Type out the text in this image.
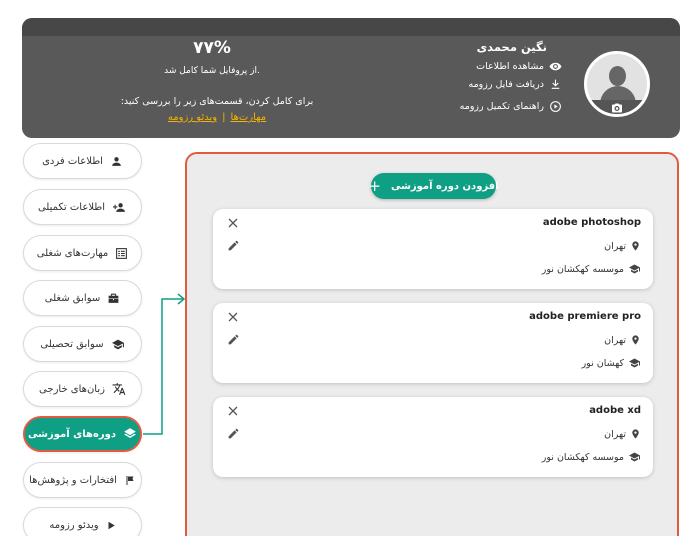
نگین محمدی
مشاهده اطلاعات
دریافت فایل رزومه
راهنمای تکمیل رزومه
۷۷%
از پروفایل شما کامل شد.
برای کامل کردن، قسمت‌های زیر را بررسی کنید:
مهارت‌ها|ویدئو رزومه
اطلاعات فردی
اطلاعات تکمیلی
مهارت‌های شغلی
سوابق شغلی
سوابق تحصیلی
زبان‌های خارجی
دوره‌های آموزشی
افتخارات و پژوهش‌ها
ویدئو رزومه
افزودن دوره آموزشی
+
adobe photoshop
تهران
موسسه کهکشان نور
adobe premiere pro
تهران
کهشان نور
adobe xd
تهران
موسسه کهکشان نور
